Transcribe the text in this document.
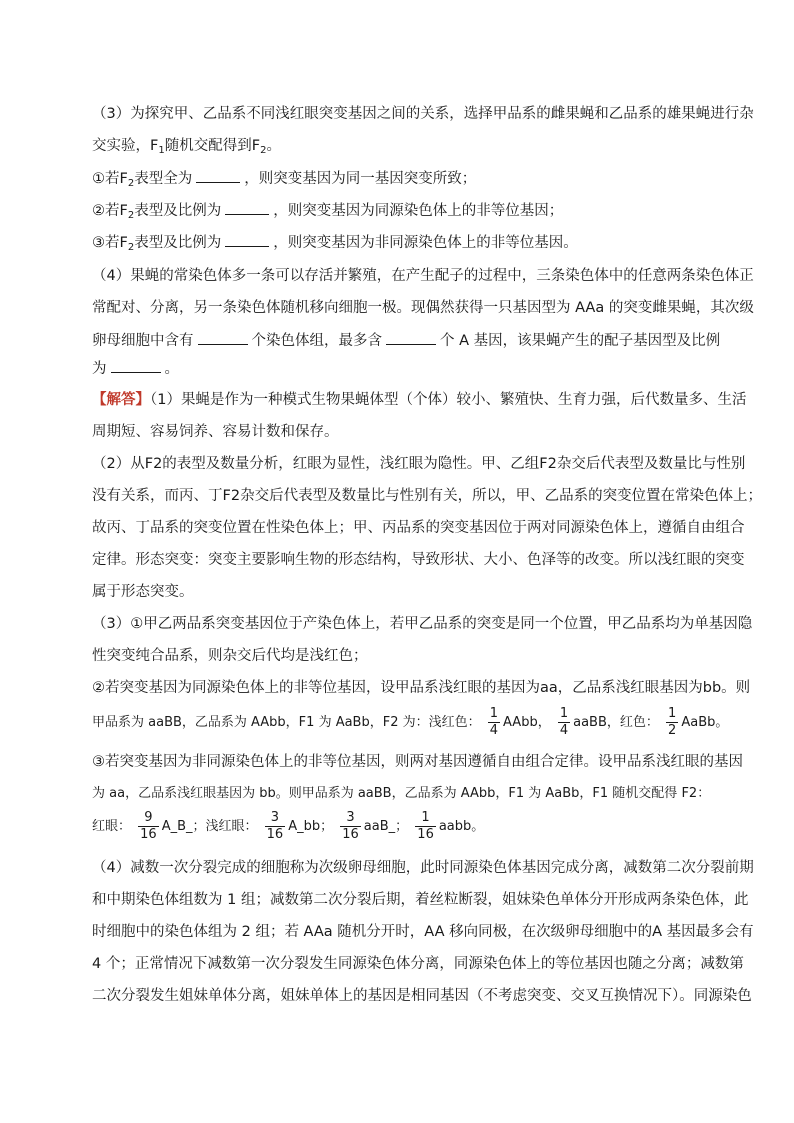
（3）为探究甲、乙品系不同浅红眼突变基因之间的关系，选择甲品系的雌果蝇和乙品系的雄果蝇进行杂
交实验，$F_1$随机交配得到$F_2$。
①若$F_2$表型全为	，则突变基因为同一基因突变所致；
②若$F_2$表型及比例为	，则突变基因为同源染色体上的非等位基因；
③若$F_2$表型及比例为	，则突变基因为非同源染色体上的非等位基因。
（4）果蝇的常染色体多一条可以存活并繁殖，在产生配子的过程中，三条染色体中的任意两条染色体正
常配对、分离，另一条染色体随机移向细胞一极。现偶然获得一只基因型为 AAa 的突变雌果蝇，其次级
卵母细胞中含有	个染色体组，最多含	个 A 基因，该果蝇产生的配子基因型及比例
为	。
【解答】（1）果蝇是作为一种模式生物果蝇体型（个体）较小、繁殖快、生育力强，后代数量多、生活
周期短、容易饲养、容易计数和保存。
（2）从F2的表型及数量分析，红眼为显性，浅红眼为隐性。甲、乙组F2杂交后代表型及数量比与性别
没有关系，而丙、丁F2杂交后代表型及数量比与性别有关，所以，甲、乙品系的突变位置在常染色体上；
故丙、丁品系的突变位置在性染色体上；甲、丙品系的突变基因位于两对同源染色体上，遵循自由组合
定律。形态突变：突变主要影响生物的形态结构，导致形状、大小、色泽等的改变。所以浅红眼的突变
属于形态突变。
（3）①甲乙两品系突变基因位于产染色体上，若甲乙品系的突变是同一个位置，甲乙品系均为单基因隐
性突变纯合品系，则杂交后代均是浅红色；
②若突变基因为同源染色体上的非等位基因，设甲品系浅红眼的基因为aa，乙品系浅红眼基因为bb。则
甲品系为 aaBB，乙品系为 AAbb，F1 为 AaBb，F2 为：浅红色： $\frac{1}{4}$ AAbb， $\frac{1}{4}$ aaBB，红色： $\frac{1}{2}$ AaBb。
③若突变基因为非同源染色体上的非等位基因，则两对基因遵循自由组合定律。设甲品系浅红眼的基因
为 aa，乙品系浅红眼基因为 bb。则甲品系为 aaBB，乙品系为 AAbb，F1 为 AaBb，F1 随机交配得 F2：
红眼： $\frac{9}{16}$ A_B_；浅红眼： $\frac{3}{16}$ A_bb； $\frac{3}{16}$ aaB_； $\frac{1}{16}$ aabb。
（4）减数一次分裂完成的细胞称为次级卵母细胞，此时同源染色体基因完成分离，减数第二次分裂前期
和中期染色体组数为 1 组；减数第二次分裂后期，着丝粒断裂，姐妹染色单体分开形成两条染色体，此
时细胞中的染色体组为 2 组；若 AAa 随机分开时，AA 移向同极，在次级卵母细胞中的A 基因最多会有
4 个；正常情况下减数第一次分裂发生同源染色体分离，同源染色体上的等位基因也随之分离；减数第
二次分裂发生姐妹单体分离，姐妹单体上的基因是相同基因（不考虑突变、交叉互换情况下）。同源染色
